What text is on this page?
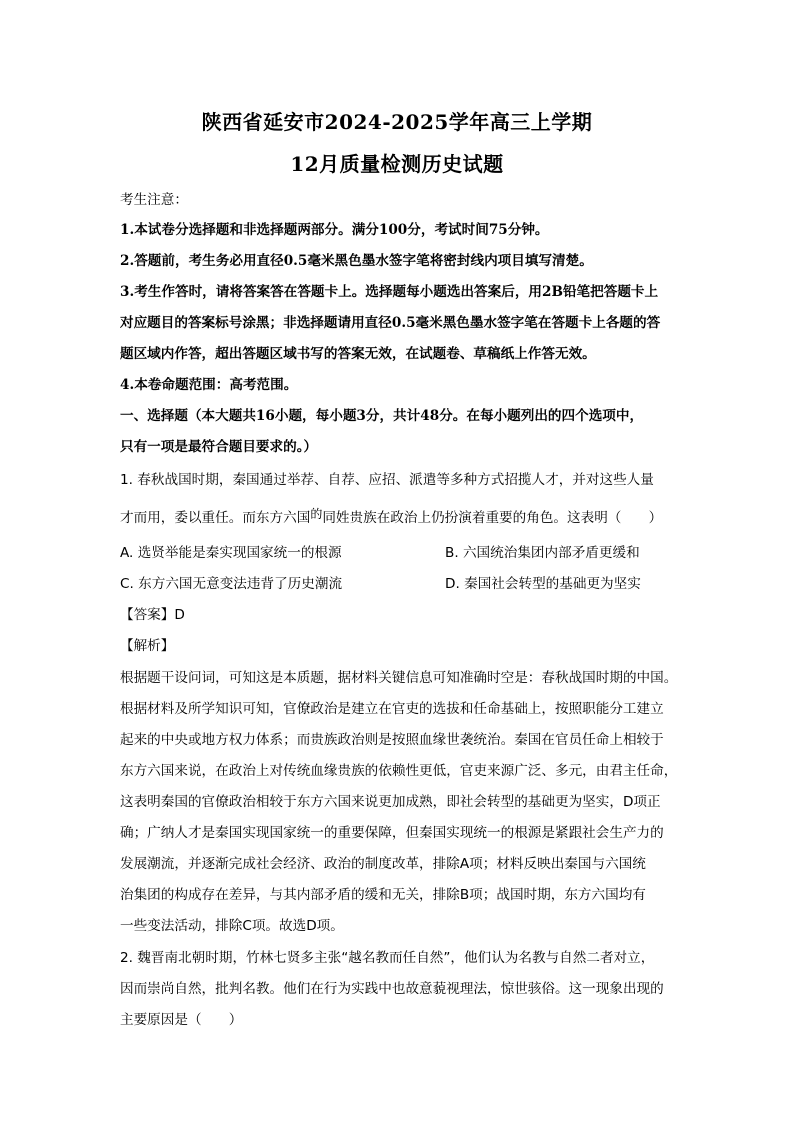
陕西省延安市2024-2025学年高三上学期
12月质量检测历史试题
考生注意：
1.本试卷分选择题和非选择题两部分。满分100分，考试时间75分钟。
2.答题前，考生务必用直径0.5毫米黑色墨水签字笔将密封线内项目填写清楚。
3.考生作答时，请将答案答在答题卡上。选择题每小题选出答案后，用2B铅笔把答题卡上
对应题目的答案标号涂黑；非选择题请用直径0.5毫米黑色墨水签字笔在答题卡上各题的答
题区域内作答，超出答题区域书写的答案无效，在试题卷、草稿纸上作答无效。
4.本卷命题范围：高考范围。
一、选择题（本大题共16小题，每小题3分，共计48分。在每小题列出的四个选项中，
只有一项是最符合题目要求的。）
1. 春秋战国时期，秦国通过举荐、自荐、应招、派遣等多种方式招揽人才，并对这些人量
才而用，委以重任。而东方六国的同姓贵族在政治上仍扮演着重要的角色。这表明（　　）
A. 选贤举能是秦实现国家统一的根源	B. 六国统治集团内部矛盾更缓和
C. 东方六国无意变法违背了历史潮流	D. 秦国社会转型的基础更为坚实
【答案】D
【解析】
根据题干设问词，可知这是本质题，据材料关键信息可知准确时空是：春秋战国时期的中国。
根据材料及所学知识可知，官僚政治是建立在官吏的选拔和任命基础上，按照职能分工建立
起来的中央或地方权力体系；而贵族政治则是按照血缘世袭统治。秦国在官员任命上相较于
东方六国来说，在政治上对传统血缘贵族的依赖性更低，官吏来源广泛、多元，由君主任命，
这表明秦国的官僚政治相较于东方六国来说更加成熟，即社会转型的基础更为坚实，D项正
确；广纳人才是秦国实现国家统一的重要保障，但秦国实现统一的根源是紧跟社会生产力的
发展潮流，并逐渐完成社会经济、政治的制度改革，排除A项；材料反映出秦国与六国统
治集团的构成存在差异，与其内部矛盾的缓和无关，排除B项；战国时期，东方六国均有
一些变法活动，排除C项。故选D项。
2. 魏晋南北朝时期，竹林七贤多主张“越名教而任自然”，他们认为名教与自然二者对立，
因而崇尚自然，批判名教。他们在行为实践中也故意藐视理法，惊世骇俗。这一现象出现的
主要原因是（　　）
